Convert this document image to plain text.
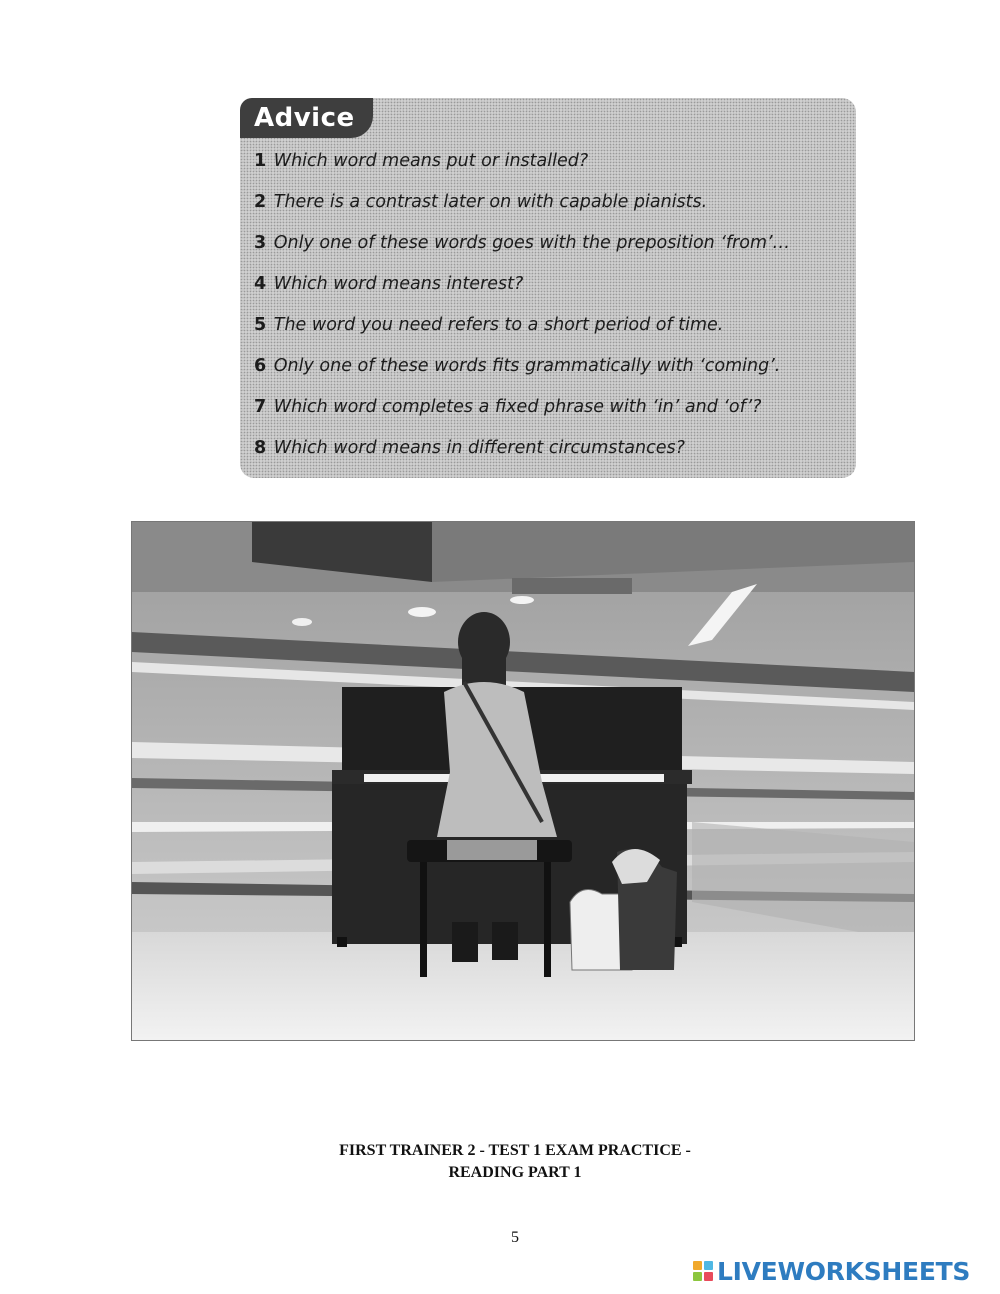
Advice
1 Which word means put or installed?
2 There is a contrast later on with capable pianists.
3 Only one of these words goes with the preposition ‘from’…
4 Which word means interest?
5 The word you need refers to a short period of time.
6 Only one of these words fits grammatically with ‘coming’.
7 Which word completes a fixed phrase with ‘in’ and ‘of’?
8 Which word means in different circumstances?
FIRST TRAINER 2 - TEST 1 EXAM PRACTICE -
READING PART 1
5
LIVEWORKSHEETS
